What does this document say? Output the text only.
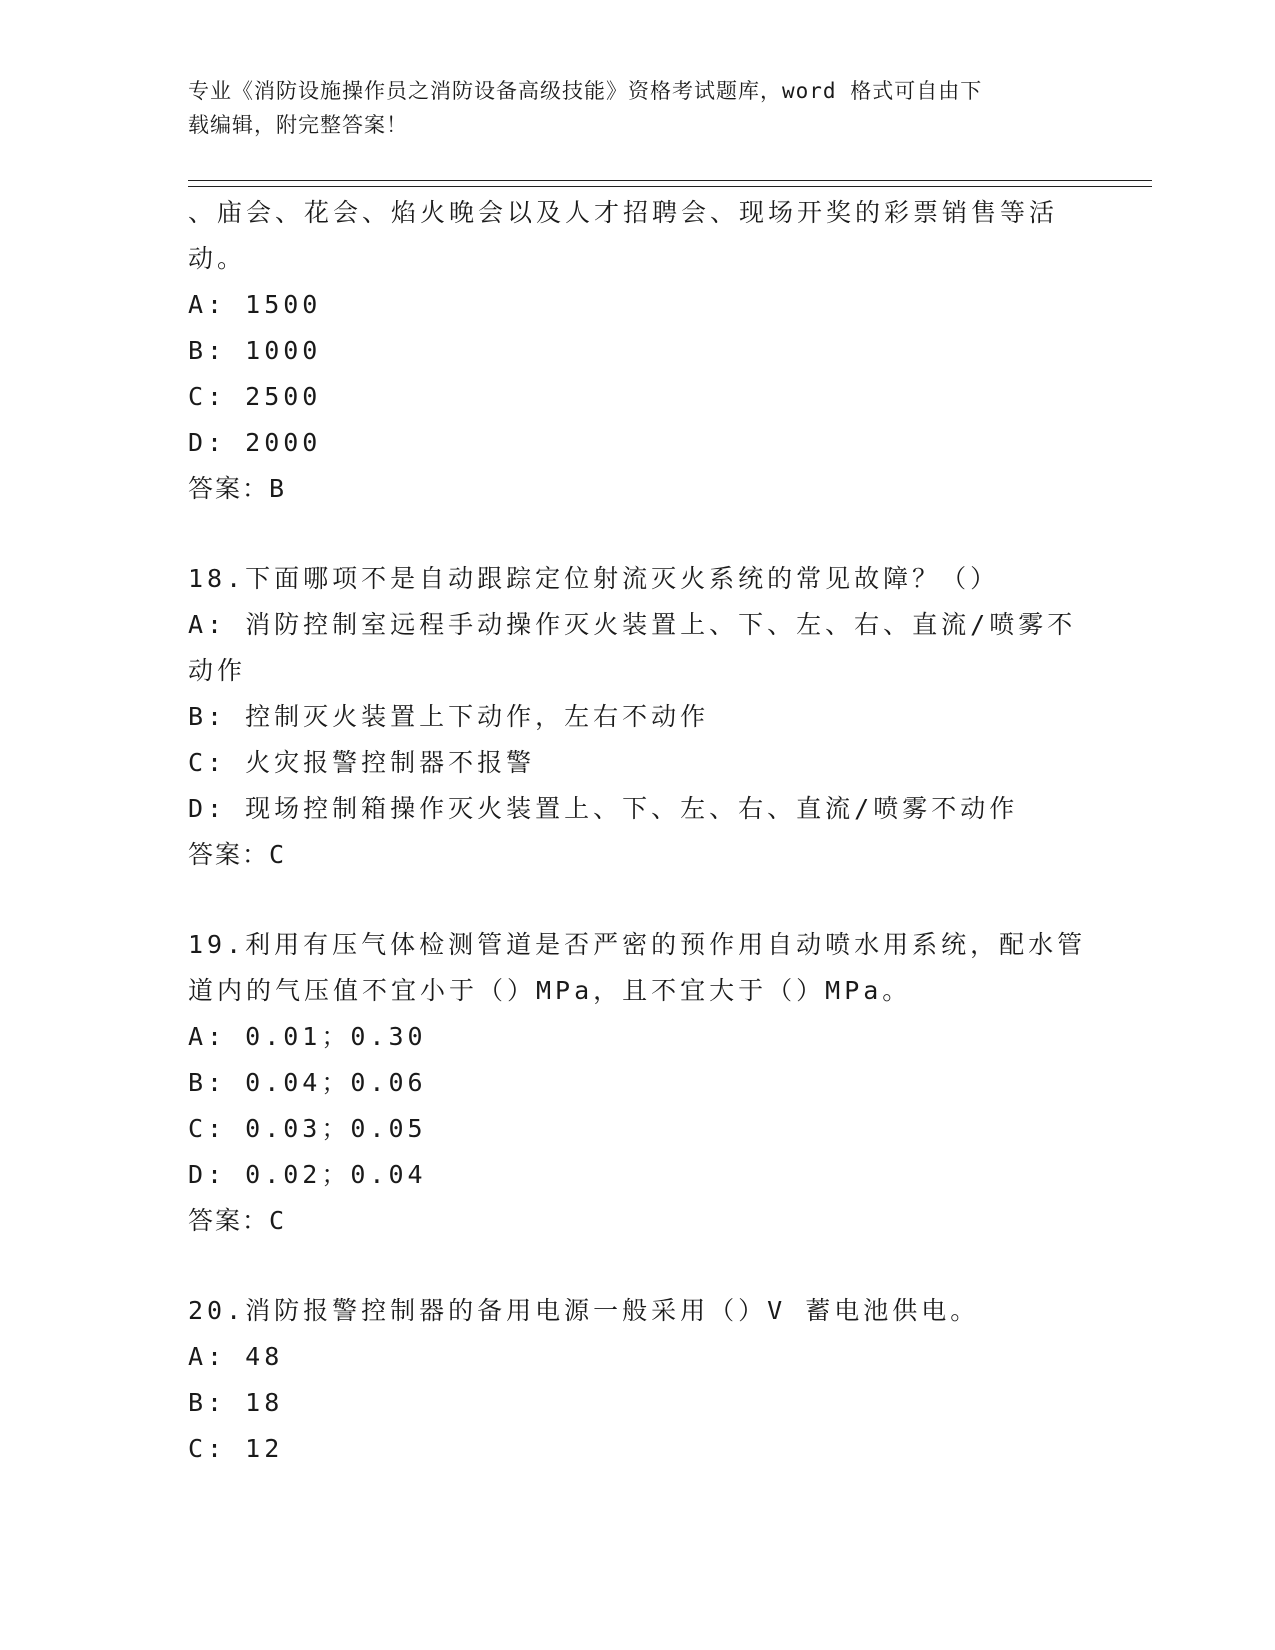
专业《消防设施操作员之消防设备高级技能》资格考试题库，word 格式可自由下
载编辑，附完整答案！
、庙会、花会、焰火晚会以及人才招聘会、现场开奖的彩票销售等活
动。
A: 1500
B: 1000
C: 2500
D: 2000
答案：B
18.下面哪项不是自动跟踪定位射流灭火系统的常见故障？（）
A: 消防控制室远程手动操作灭火装置上、下、左、右、直流/喷雾不
动作
B: 控制灭火装置上下动作，左右不动作
C: 火灾报警控制器不报警
D: 现场控制箱操作灭火装置上、下、左、右、直流/喷雾不动作
答案：C
19.利用有压气体检测管道是否严密的预作用自动喷水用系统，配水管
道内的气压值不宜小于（）MPa，且不宜大于（）MPa。
A: 0.01；0.30
B: 0.04；0.06
C: 0.03；0.05
D: 0.02；0.04
答案：C
20.消防报警控制器的备用电源一般采用（）V 蓄电池供电。
A: 48
B: 18
C: 12
